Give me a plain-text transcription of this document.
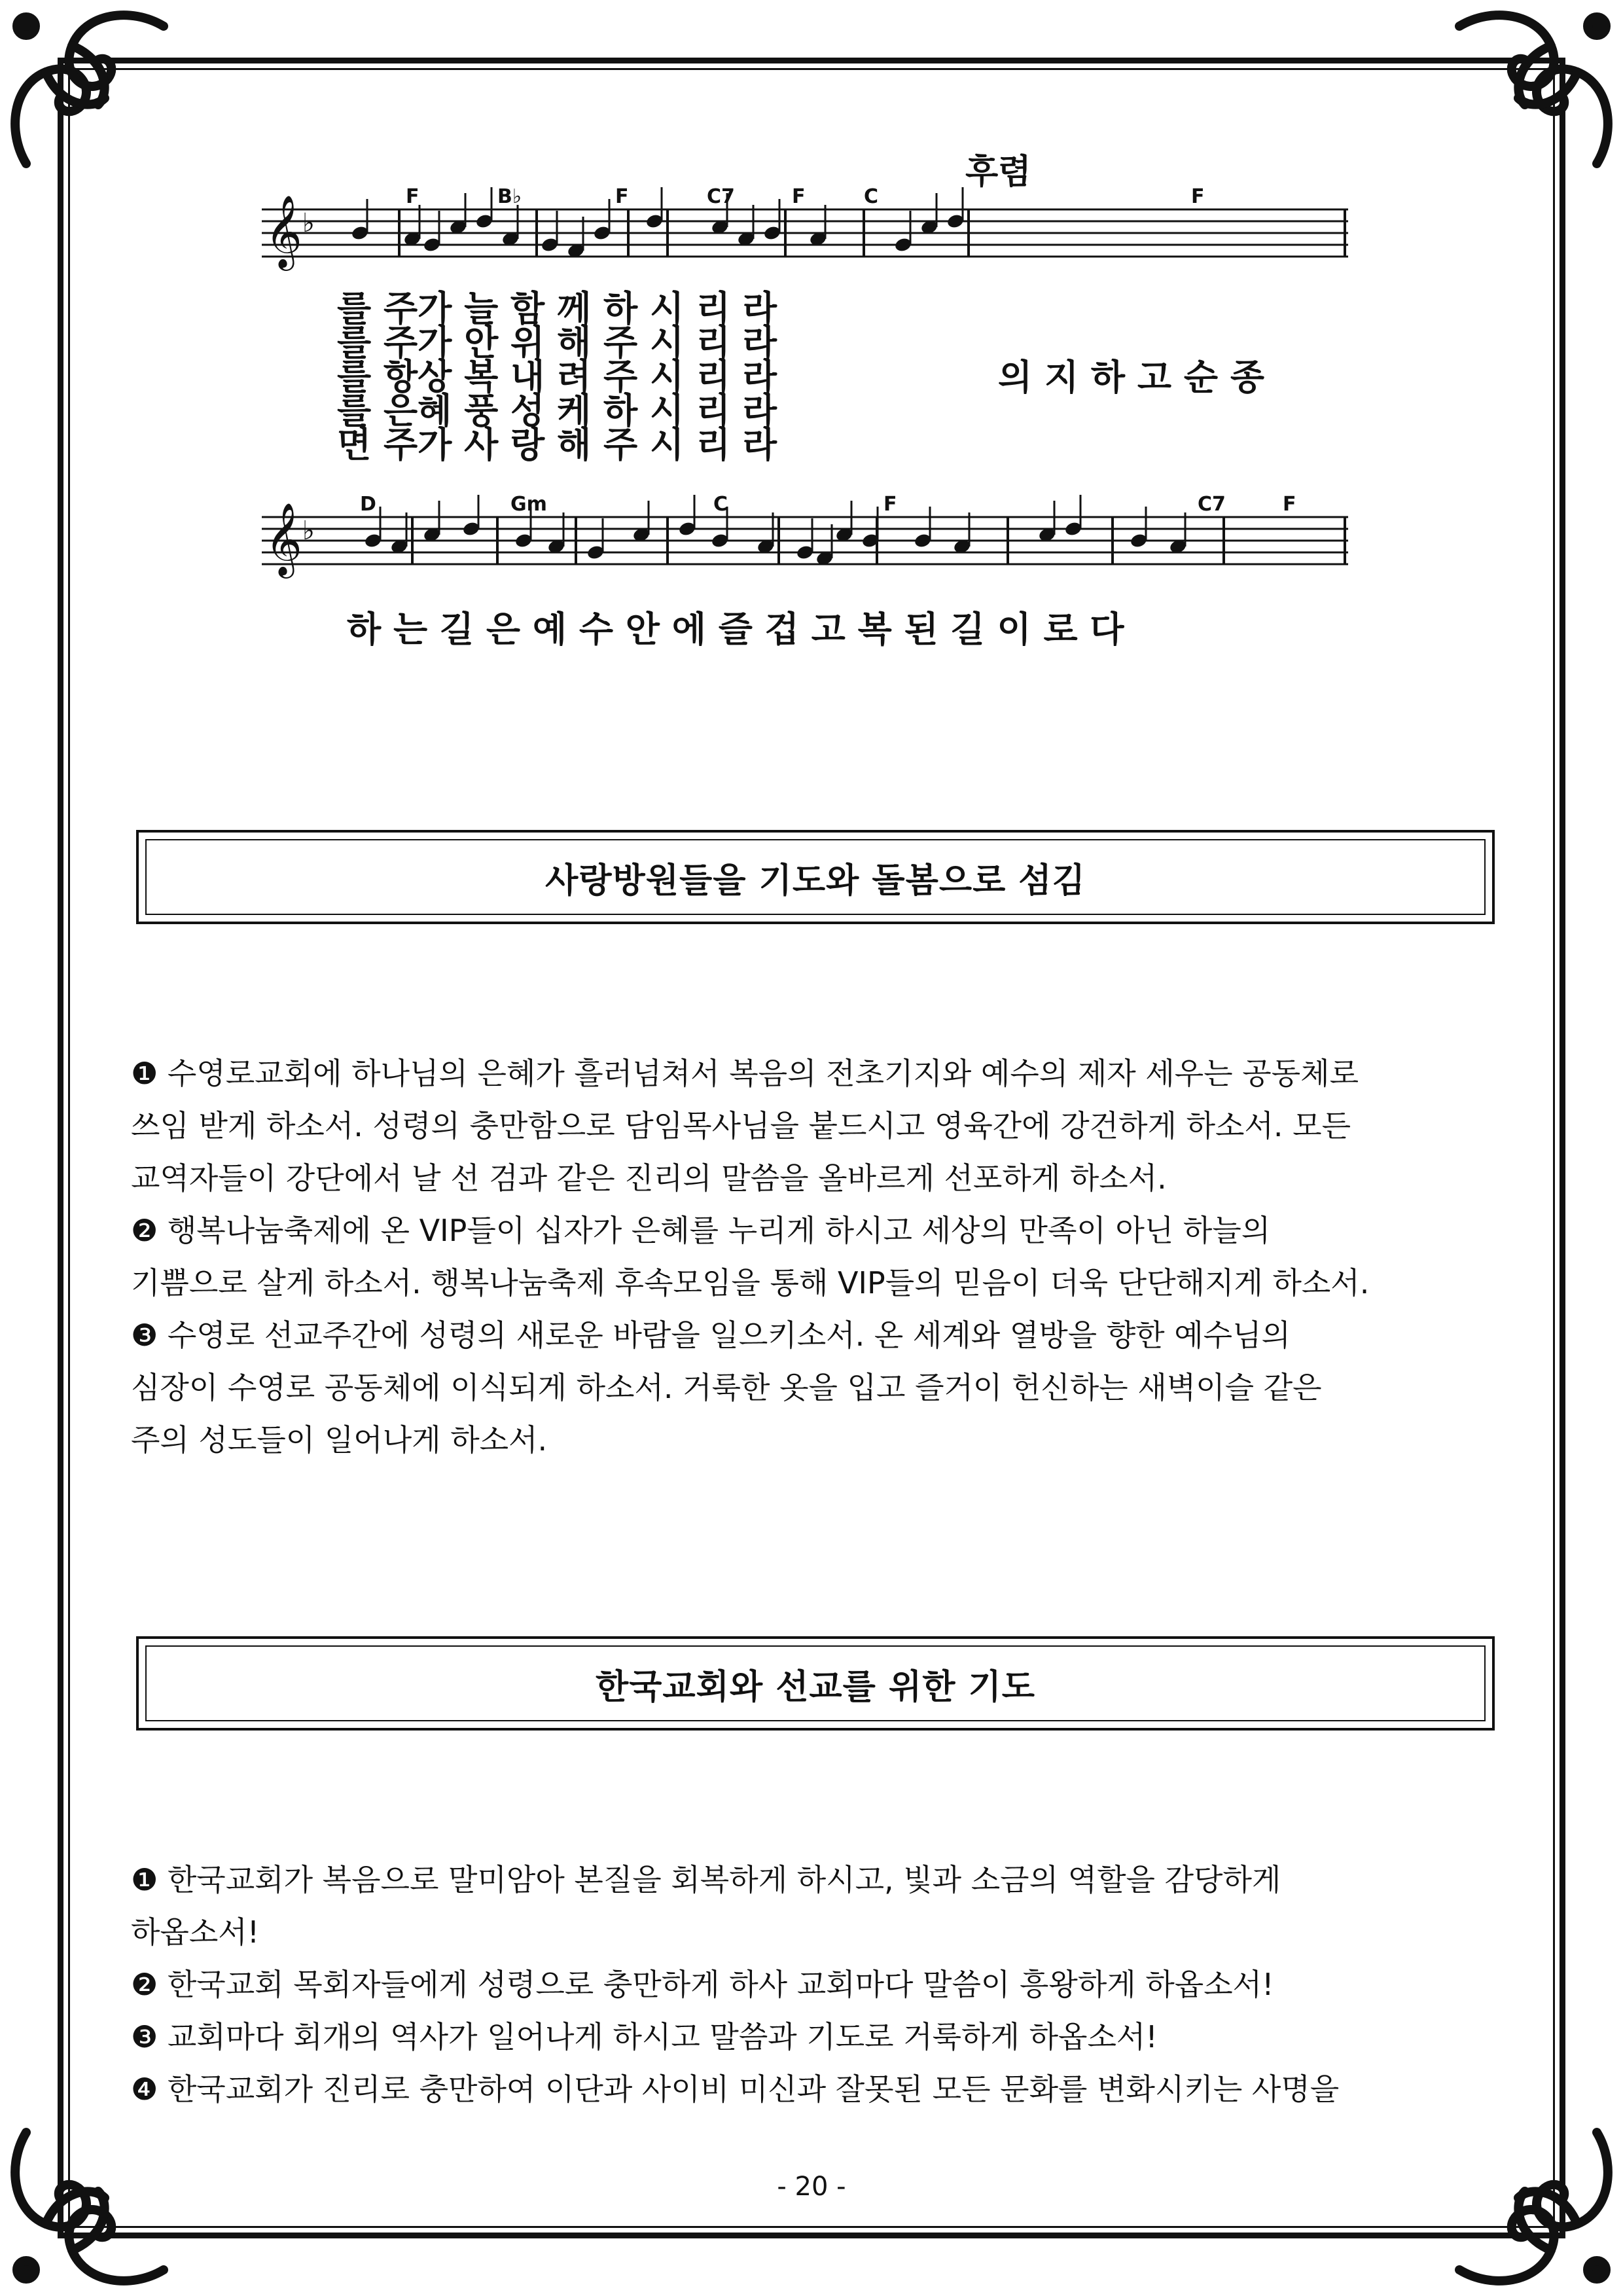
후렴
F	B♭	F	C7	F	C	F
𝄞 ♭
의 지 하 고 순 종
를 주가 늘 함 께 하 시 리 라
를 주가 안 위 해 주 시 리 라
를 항상 복 내 려 주 시 리 라
를 은혜 풍 성 케 하 시 리 라
면 주가 사 랑 해 주 시 리 라
D	Gm	C	F	C7	F
𝄞 ♭
하 는 길 은 예 수 안 에 즐 겁 고 복 된 길 이 로 다
사랑방원들을 기도와 돌봄으로 섬김

❶ 수영로교회에 하나님의 은혜가 흘러넘쳐서 복음의 전초기지와 예수의 제자 세우는 공동체로

쓰임 받게 하소서. 성령의 충만함으로 담임목사님을 붙드시고 영육간에 강건하게 하소서. 모든

교역자들이 강단에서 날 선 검과 같은 진리의 말씀을 올바르게 선포하게 하소서.

❷ 행복나눔축제에 온 VIP들이 십자가 은혜를 누리게 하시고 세상의 만족이 아닌 하늘의

기쁨으로 살게 하소서. 행복나눔축제 후속모임을 통해 VIP들의 믿음이 더욱 단단해지게 하소서.

❸ 수영로 선교주간에 성령의 새로운 바람을 일으키소서. 온 세계와 열방을 향한 예수님의

심장이 수영로 공동체에 이식되게 하소서. 거룩한 옷을 입고 즐거이 헌신하는 새벽이슬 같은

주의 성도들이 일어나게 하소서.

한국교회와 선교를 위한 기도

❶ 한국교회가 복음으로 말미암아 본질을 회복하게 하시고, 빛과 소금의 역할을 감당하게

하옵소서!

❷ 한국교회 목회자들에게 성령으로 충만하게 하사 교회마다 말씀이 흥왕하게 하옵소서!

❸ 교회마다 회개의 역사가 일어나게 하시고 말씀과 기도로 거룩하게 하옵소서!

❹ 한국교회가 진리로 충만하여 이단과 사이비 미신과 잘못된 모든 문화를 변화시키는 사명을

- 20 -
